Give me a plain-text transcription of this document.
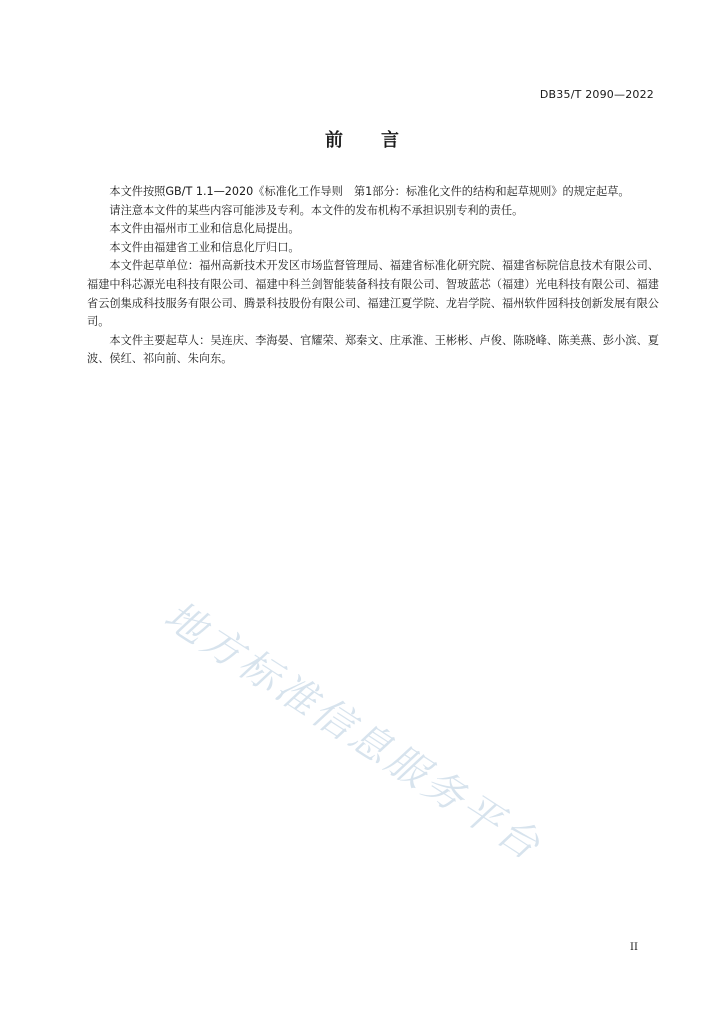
DB35/T 2090—2022
前言

本文件按照GB/T 1.1—2020《标准化工作导则　第1部分：标准化文件的结构和起草规则》的规定起草。

请注意本文件的某些内容可能涉及专利。本文件的发布机构不承担识别专利的责任。

本文件由福州市工业和信息化局提出。

本文件由福建省工业和信息化厅归口。

本文件起草单位：福州高新技术开发区市场监督管理局、福建省标准化研究院、福建省标院信息技术有限公司、福建中科芯源光电科技有限公司、福建中科兰剑智能装备科技有限公司、智玻蓝芯（福建）光电科技有限公司、福建省云创集成科技服务有限公司、腾景科技股份有限公司、福建江夏学院、龙岩学院、福州软件园科技创新发展有限公司。

本文件主要起草人：吴连庆、李海晏、官耀荣、郑秦文、庄承淮、王彬彬、卢俊、陈晓峰、陈美燕、彭小滨、夏波、侯红、祁向前、朱向东。

地方标准信息服务平台
II
